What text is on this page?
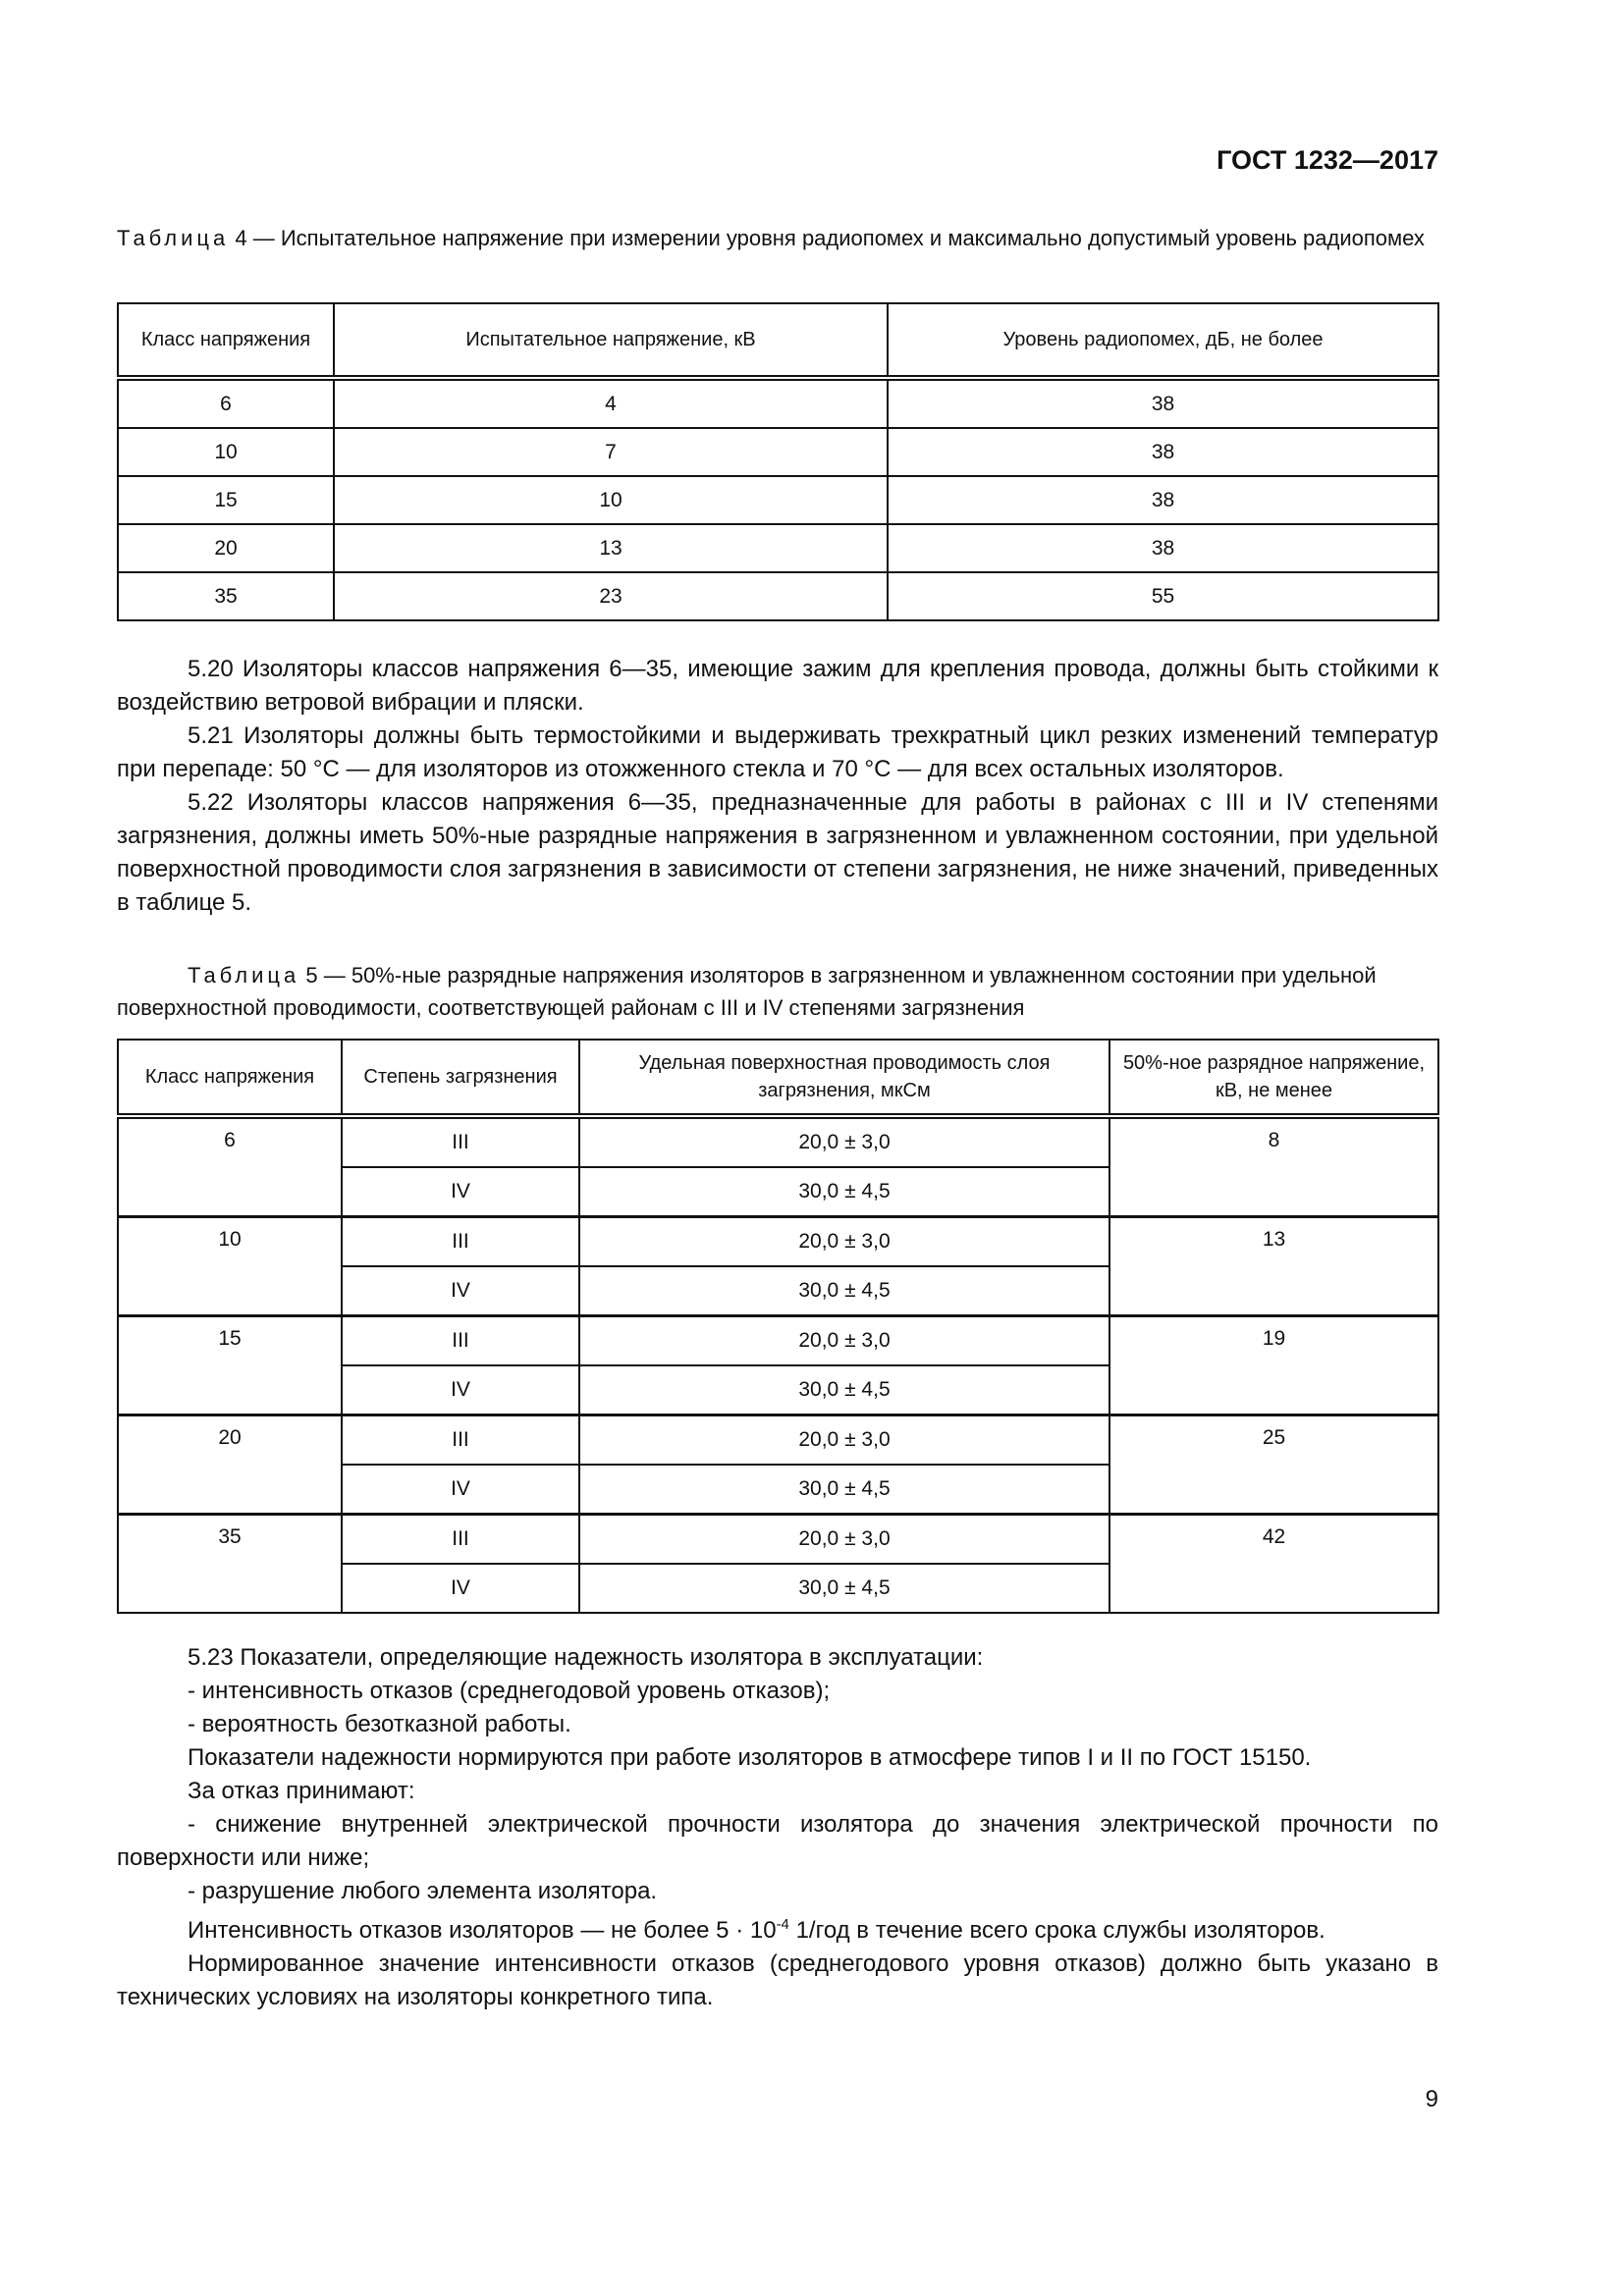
ГОСТ 1232—2017
Таблица 4 — Испытательное напряжение при измерении уровня радиопомех и максимально допустимый уровень радиопомех
Класс напряжения	Испытательное напряжение, кВ	Уровень радиопомех, дБ, не более
6	4	38
10	7	38
15	10	38
20	13	38
35	23	55

5.20 Изоляторы классов напряжения 6—35, имеющие зажим для крепления провода, должны быть стойкими к воздействию ветровой вибрации и пляски.

5.21 Изоляторы должны быть термостойкими и выдерживать трехкратный цикл резких изменений температур при перепаде: 50 °С — для изоляторов из отожженного стекла и 70 °С — для всех остальных изоляторов.

5.22 Изоляторы классов напряжения 6—35, предназначенные для работы в районах с III и IV степенями загрязнения, должны иметь 50%-ные разрядные напряжения в загрязненном и увлажненном состоянии, при удельной поверхностной проводимости слоя загрязнения в зависимости от степени загрязнения, не ниже значений, приведенных в таблице 5.

Таблица 5 — 50%-ные разрядные напряжения изоляторов в загрязненном и увлажненном состоянии при удельной поверхностной проводимости, соответствующей районам с III и IV степенями загрязнения
Класс напряжения	Степень загрязнения	Удельная поверхностная проводимость слоя загрязнения, мкСм	50%-ное разрядное напряжение, кВ, не менее
6	III	20,0 ± 3,0	8
	IV	30,0 ± 4,5	
10	III	20,0 ± 3,0	13
	IV	30,0 ± 4,5	
15	III	20,0 ± 3,0	19
	IV	30,0 ± 4,5	
20	III	20,0 ± 3,0	25
	IV	30,0 ± 4,5	
35	III	20,0 ± 3,0	42
	IV	30,0 ± 4,5	

5.23 Показатели, определяющие надежность изолятора в эксплуатации:

- интенсивность отказов (среднегодовой уровень отказов);

- вероятность безотказной работы.

Показатели надежности нормируются при работе изоляторов в атмосфере типов I и II по ГОСТ 15150.

За отказ принимают:

- снижение внутренней электрической прочности изолятора до значения электрической прочности по поверхности или ниже;

- разрушение любого элемента изолятора.

Интенсивность отказов изоляторов — не более $5 \cdot 10^{-4}$ 1/год в течение всего срока службы изоляторов.

Нормированное значение интенсивности отказов (среднегодового уровня отказов) должно быть указано в технических условиях на изоляторы конкретного типа.

9
